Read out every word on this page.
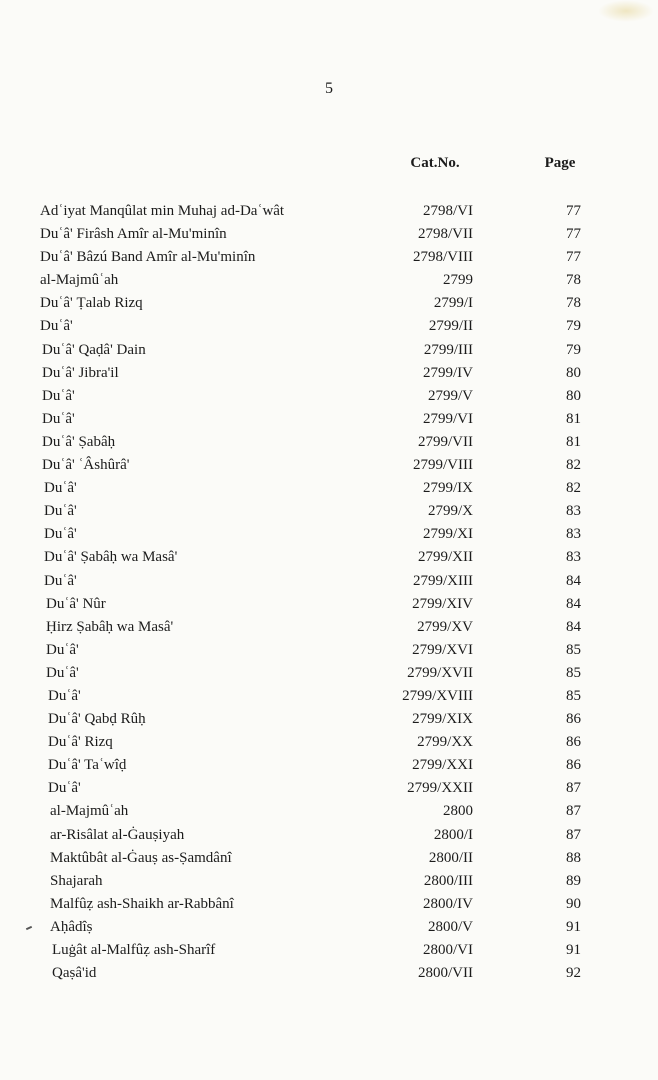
5
Cat.No.	Page
Adʿiyat Manqûlat min Muhaj ad-Daʿwât	2798/VI	77
Duʿâ' Firâsh Amîr al-Mu'minîn	2798/VII	77
Duʿâ' Bâzú Band Amîr al-Mu'minîn	2798/VIII	77
al-Majmûʿah	2799	78
Duʿâ' Ṭalab Rizq	2799/I	78
Duʿâ'	2799/II	79
Duʿâ' Qaḍâ' Dain	2799/III	79
Duʿâ' Jibra'il	2799/IV	80
Duʿâ'	2799/V	80
Duʿâ'	2799/VI	81
Duʿâ' Ṣabâḥ	2799/VII	81
Duʿâ' ʿÂshûrâ'	2799/VIII	82
Duʿâ'	2799/IX	82
Duʿâ'	2799/X	83
Duʿâ'	2799/XI	83
Duʿâ' Ṣabâḥ wa Masâ'	2799/XII	83
Duʿâ'	2799/XIII	84
Duʿâ' Nûr	2799/XIV	84
Ḥirz Ṣabâḥ wa Masâ'	2799/XV	84
Duʿâ'	2799/XVI	85
Duʿâ'	2799/XVII	85
Duʿâ'	2799/XVIII	85
Duʿâ' Qabḍ Rûḥ	2799/XIX	86
Duʿâ' Rizq	2799/XX	86
Duʿâ' Taʿwîḍ	2799/XXI	86
Duʿâ'	2799/XXII	87
al-Majmûʿah	2800	87
ar-Risâlat al-Ġauṣiyah	2800/I	87
Maktûbât al-Ġauṣ as-Ṣamdânî	2800/II	88
Shajarah	2800/III	89
Malfûẓ ash-Shaikh ar-Rabbânî	2800/IV	90
Aḥâdîṣ	2800/V	91
Luġât al-Malfûẓ ash-Sharîf	2800/VI	91
Qaṣâ'id	2800/VII	92
